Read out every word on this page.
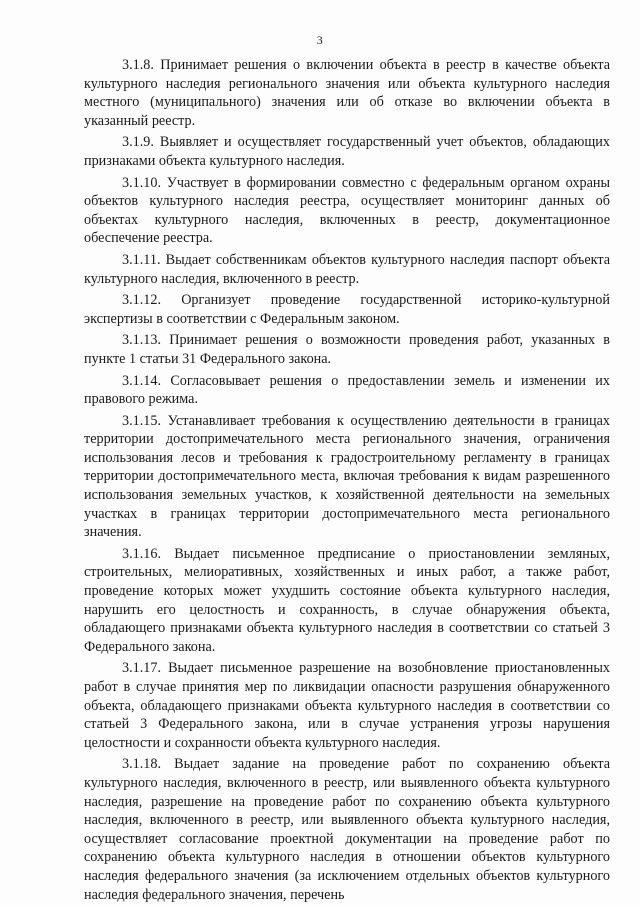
3

3.1.8. Принимает решения о включении объекта в реестр в качестве объекта культурного наследия регионального значения или объекта культурного наследия местного (муниципального) значения или об отказе во включении объекта в указанный реестр.

3.1.9. Выявляет и осуществляет государственный учет объектов, обладающих признаками объекта культурного наследия.

3.1.10. Участвует в формировании совместно с федеральным органом охраны объектов культурного наследия реестра, осуществляет мониторинг данных об объектах культурного наследия, включенных в реестр, документационное обеспечение реестра.

3.1.11. Выдает собственникам объектов культурного наследия паспорт объекта культурного наследия, включенного в реестр.

3.1.12. Организует проведение государственной историко-культурной экспертизы в соответствии с Федеральным законом.

3.1.13. Принимает решения о возможности проведения работ, указанных в пункте 1 статьи 31 Федерального закона.

3.1.14. Согласовывает решения о предоставлении земель и изменении их правового режима.

3.1.15. Устанавливает требования к осуществлению деятельности в границах территории достопримечательного места регионального значения, ограничения использования лесов и требования к градостроительному регламенту в границах территории достопримечательного места, включая требования к видам разрешенного использования земельных участков, к хозяйственной деятельности на земельных участках в границах территории достопримечательного места регионального значения.

3.1.16. Выдает письменное предписание о приостановлении земляных, строительных, мелиоративных, хозяйственных и иных работ, а также работ, проведение которых может ухудшить состояние объекта культурного наследия, нарушить его целостность и сохранность, в случае обнаружения объекта, обладающего признаками объекта культурного наследия в соответствии со статьей 3 Федерального закона.

3.1.17. Выдает письменное разрешение на возобновление приостановленных работ в случае принятия мер по ликвидации опасности разрушения обнаруженного объекта, обладающего признаками объекта культурного наследия в соответствии со статьей 3 Федерального закона, или в случае устранения угрозы нарушения целостности и сохранности объекта культурного наследия.

3.1.18. Выдает задание на проведение работ по сохранению объекта культурного наследия, включенного в реестр, или выявленного объекта культурного наследия, разрешение на проведение работ по сохранению объекта культурного наследия, включенного в реестр, или выявленного объекта культурного наследия, осуществляет согласование проектной документации на проведение работ по сохранению объекта культурного наследия в отношении объектов культурного наследия федерального значения (за исключением отдельных объектов культурного наследия федерального значения, перечень
